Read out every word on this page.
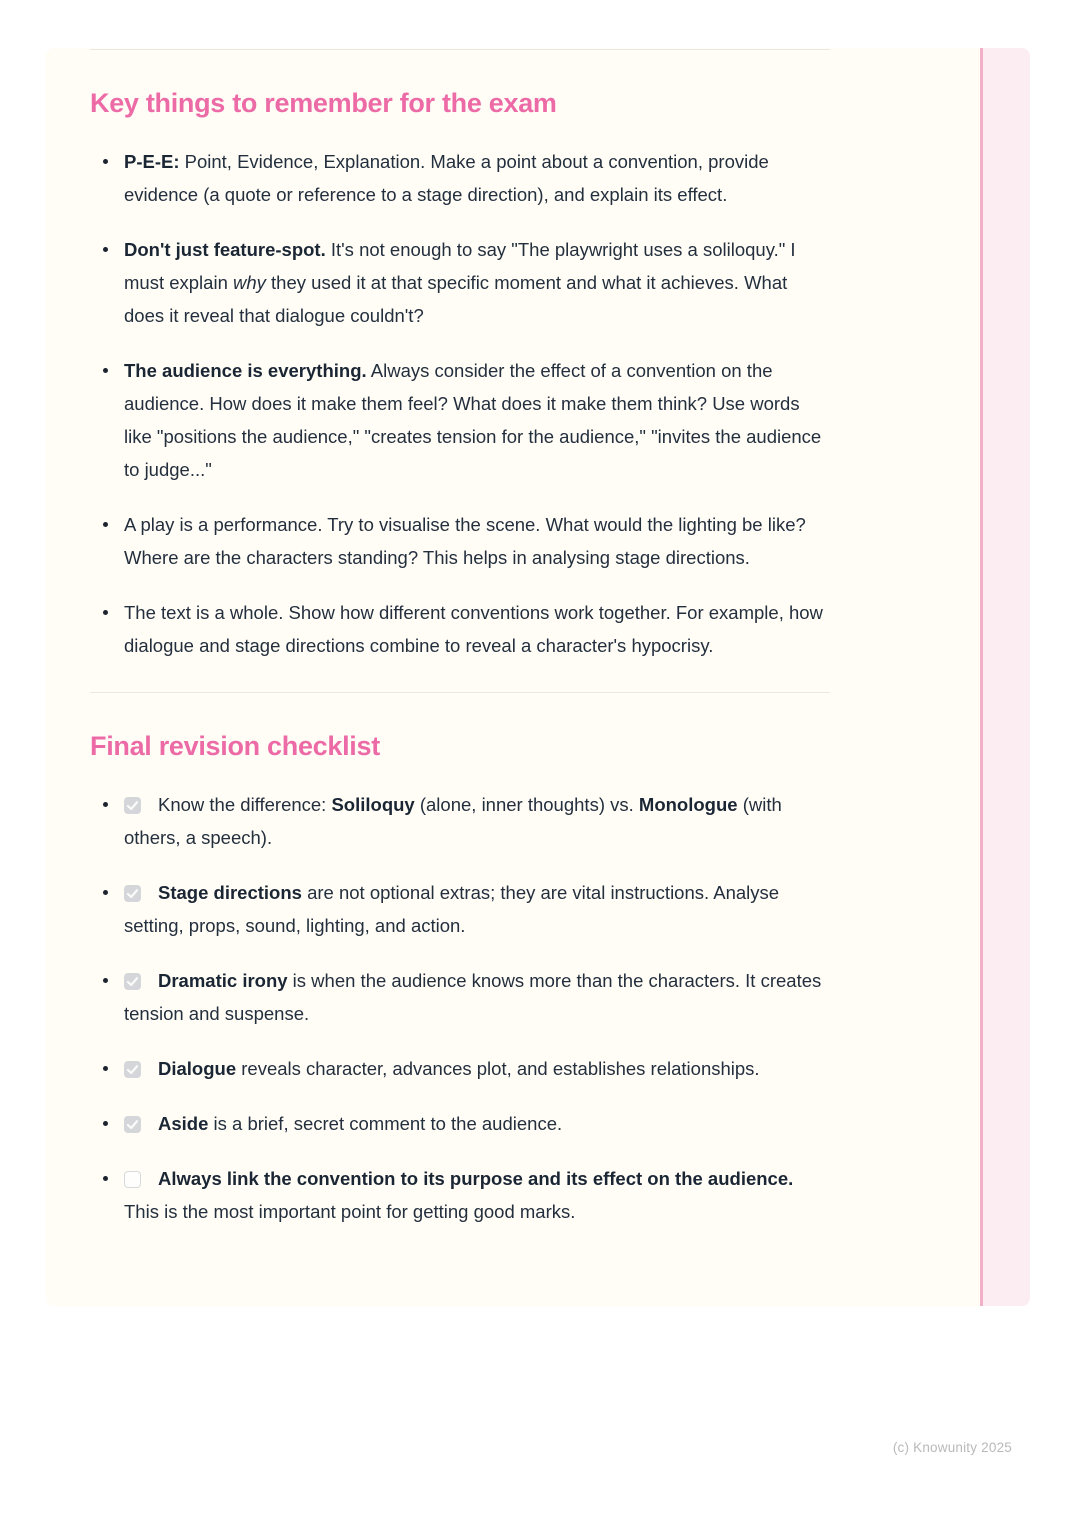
Key things to remember for the exam
P-E-E: Point, Evidence, Explanation. Make a point about a convention, provide evidence (a quote or reference to a stage direction), and explain its effect.
Don't just feature-spot. It's not enough to say "The playwright uses a soliloquy." I must explain why they used it at that specific moment and what it achieves. What does it reveal that dialogue couldn't?
The audience is everything. Always consider the effect of a convention on the audience. How does it make them feel? What does it make them think? Use words like "positions the audience," "creates tension for the audience," "invites the audience to judge..."
A play is a performance. Try to visualise the scene. What would the lighting be like? Where are the characters standing? This helps in analysing stage directions.
The text is a whole. Show how different conventions work together. For example, how dialogue and stage directions combine to reveal a character's hypocrisy.
Final revision checklist
Know the difference: Soliloquy (alone, inner thoughts) vs. Monologue (with others, a speech).
Stage directions are not optional extras; they are vital instructions. Analyse setting, props, sound, lighting, and action.
Dramatic irony is when the audience knows more than the characters. It creates tension and suspense.
Dialogue reveals character, advances plot, and establishes relationships.
Aside is a brief, secret comment to the audience.
Always link the convention to its purpose and its effect on the audience. This is the most important point for getting good marks.
(c) Knowunity 2025
